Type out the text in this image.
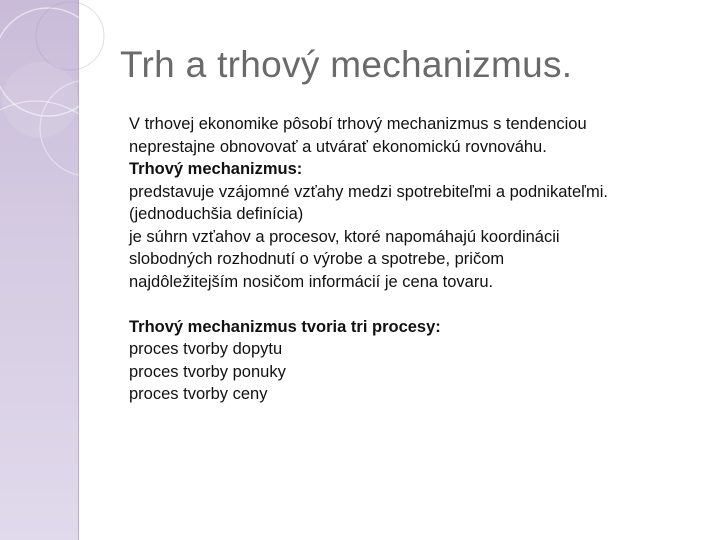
Trh a trhový mechanizmus.
V trhovej ekonomike pôsobí trhový mechanizmus s tendenciou
neprestajne obnovovať a utvárať ekonomickú rovnováhu.
Trhový mechanizmus:
predstavuje vzájomné vzťahy medzi spotrebiteľmi a podnikateľmi.
(jednoduchšia definícia)
je súhrn vzťahov a procesov, ktoré napomáhajú koordinácii
slobodných rozhodnutí o výrobe a spotrebe, pričom
najdôležitejším nosičom informácií je cena tovaru.
Trhový mechanizmus tvoria tri procesy:
proces tvorby dopytu
proces tvorby ponuky
proces tvorby ceny
